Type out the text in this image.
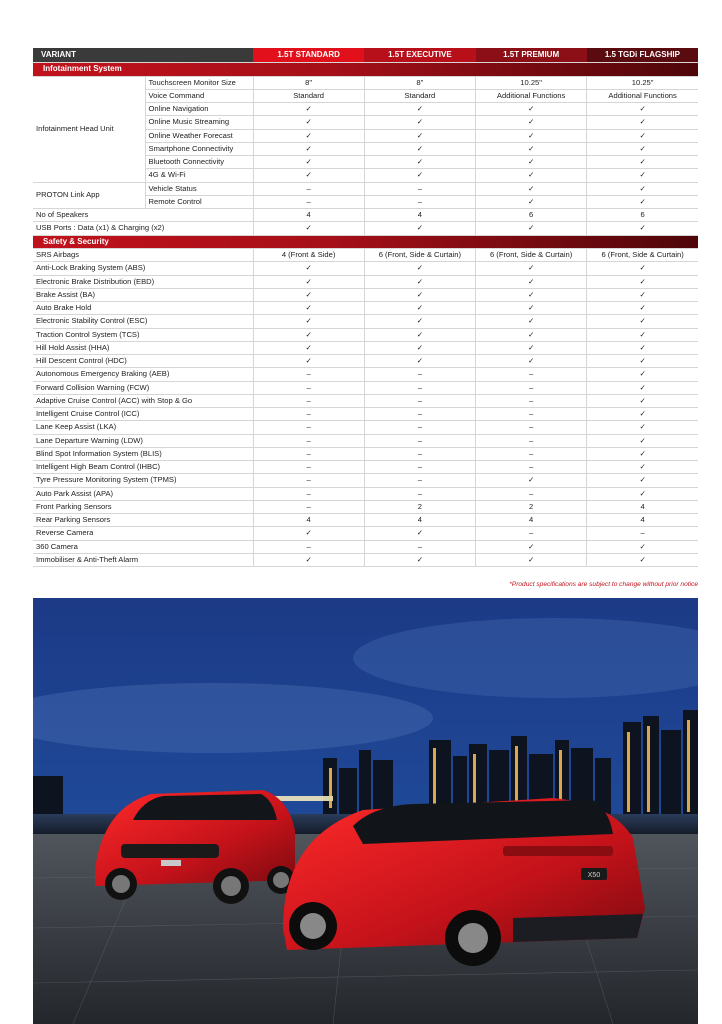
VARIANT		1.5T STANDARD	1.5T EXECUTIVE	1.5T PREMIUM	1.5 TGDi FLAGSHIP
Infotainment System					
Infotainment Head Unit	Touchscreen Monitor Size	8"	8"	10.25"	10.25"
	Voice Command	Standard	Standard	Additional Functions	Additional Functions
	Online Navigation	✓	✓	✓	✓
	Online Music Streaming	✓	✓	✓	✓
	Online Weather Forecast	✓	✓	✓	✓
	Smartphone Connectivity	✓	✓	✓	✓
	Bluetooth Connectivity	✓	✓	✓	✓
	4G & Wi-Fi	✓	✓	✓	✓
PROTON Link App	Vehicle Status	–	–	✓	✓
	Remote Control	–	–	✓	✓
No of Speakers		4	4	6	6
USB Ports : Data (x1) & Charging (x2)		✓	✓	✓	✓
Safety & Security					
SRS Airbags		4 (Front & Side)	6 (Front, Side & Curtain)	6 (Front, Side & Curtain)	6 (Front, Side & Curtain)
Anti-Lock Braking System (ABS)		✓	✓	✓	✓
Electronic Brake Distribution (EBD)		✓	✓	✓	✓
Brake Assist (BA)		✓	✓	✓	✓
Auto Brake Hold		✓	✓	✓	✓
Electronic Stability Control (ESC)		✓	✓	✓	✓
Traction Control System (TCS)		✓	✓	✓	✓
Hill Hold Assist (HHA)		✓	✓	✓	✓
Hill Descent Control (HDC)		✓	✓	✓	✓
Autonomous Emergency Braking (AEB)		–	–	–	✓
Forward Collision Warning (FCW)		–	–	–	✓
Adaptive Cruise Control (ACC) with Stop & Go		–	–	–	✓
Intelligent Cruise Control (ICC)		–	–	–	✓
Lane Keep Assist (LKA)		–	–	–	✓
Lane Departure Warning (LDW)		–	–	–	✓
Blind Spot Information System (BLIS)		–	–	–	✓
Intelligent High Beam Control (IHBC)		–	–	–	✓
Tyre Pressure Monitoring System (TPMS)		–	–	✓	✓
Auto Park Assist (APA)		–	–	–	✓
Front Parking Sensors		–	2	2	4
Rear Parking Sensors		4	4	4	4
Reverse Camera		✓	✓	–	–
360 Camera		–	–	✓	✓
Immobiliser & Anti-Theft Alarm		✓	✓	✓	✓
*Product specifications are subject to change without prior notice
X50
